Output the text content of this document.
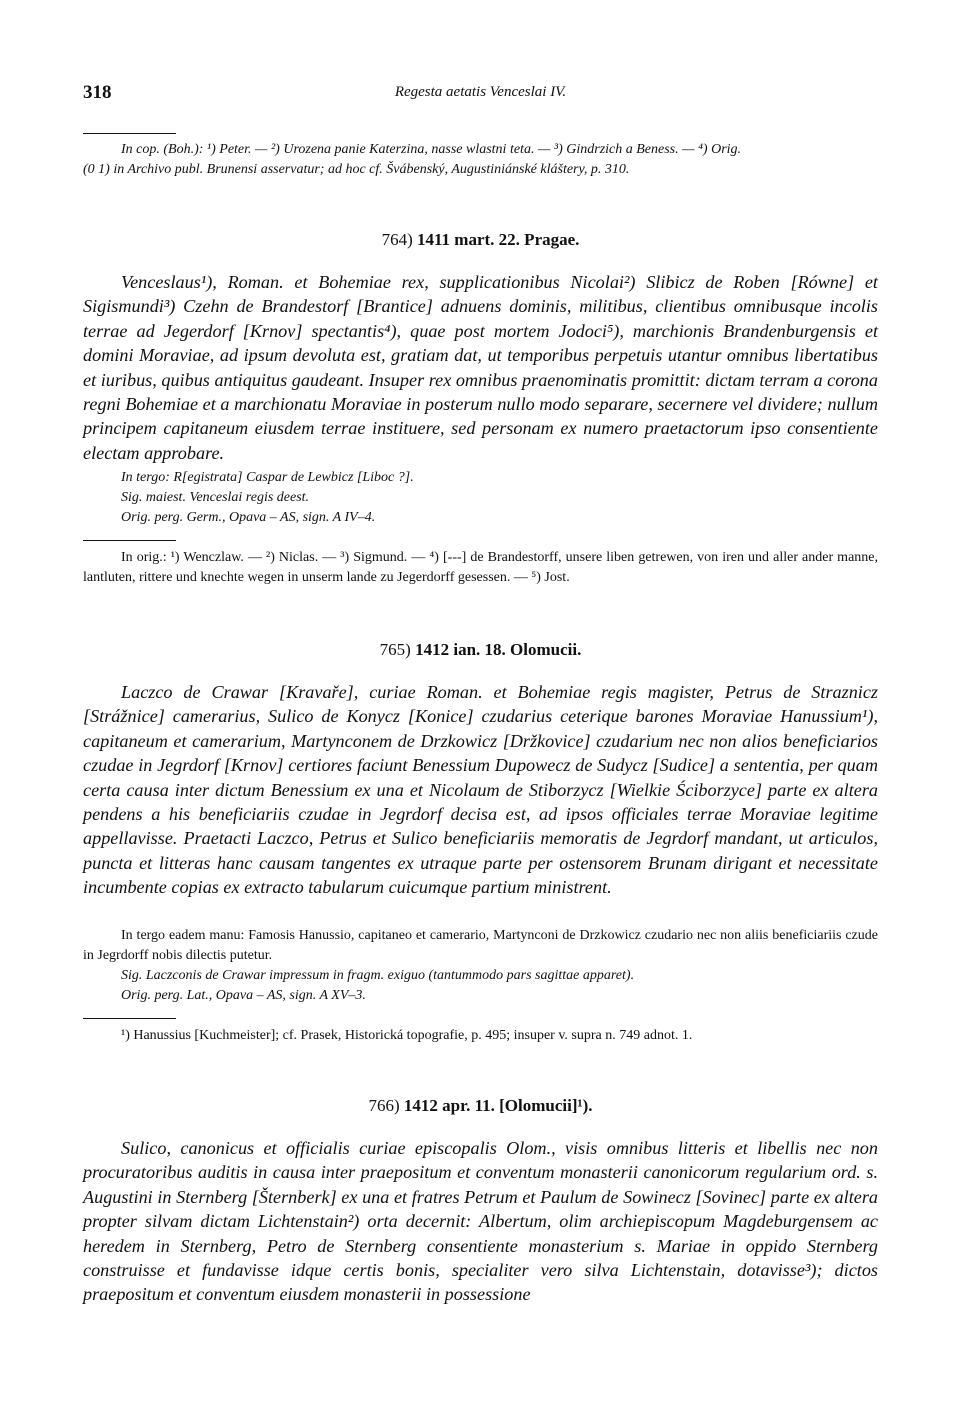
318	Regesta aetatis Venceslai IV.
In cop. (Boh.): ¹) Peter. — ²) Urozena panie Katerzina, nasse wlastni teta. — ³) Gindrzich a Beness. — ⁴) Orig.
(0 1) in Archivo publ. Brunensi asservatur; ad hoc cf. Švábenský, Augustiniánské kláštery, p. 310.
764) 1411 mart. 22. Pragae.
Venceslaus¹), Roman. et Bohemiae rex, supplicationibus Nicolai²) Slibicz de Roben [Równe] et Sigismundi³) Czehn de Brandestorf [Brantice] adnuens dominis, militibus, clientibus omnibusque incolis terrae ad Jegerdorf [Krnov] spectantis⁴), quae post mortem Jodoci⁵), marchionis Brandenburgensis et domini Moraviae, ad ipsum devoluta est, gratiam dat, ut temporibus perpetuis utantur omnibus libertatibus et iuribus, quibus antiquitus gaudeant. Insuper rex omnibus praenominatis promittit: dictam terram a corona regni Bohemiae et a marchionatu Moraviae in posterum nullo modo separare, secernere vel dividere; nullum principem capitaneum eiusdem terrae instituere, sed personam ex numero praetactorum ipso consentiente electam approbare.
In tergo: R[egistrata] Caspar de Lewbicz [Liboc ?].
Sig. maiest. Venceslai regis deest.
Orig. perg. Germ., Opava – AS, sign. A IV–4.
In orig.: ¹) Wenczlaw. — ²) Niclas. — ³) Sigmund. — ⁴) [---] de Brandestorff, unsere liben getrewen, von iren und aller ander manne, lantluten, rittere und knechte wegen in unserm lande zu Jegerdorff gesessen. — ⁵) Jost.
765) 1412 ian. 18. Olomucii.
Laczco de Crawar [Kravaře], curiae Roman. et Bohemiae regis magister, Petrus de Straznicz [Strážnice] camerarius, Sulico de Konycz [Konice] czudarius ceterique barones Moraviae Hanussium¹), capitaneum et camerarium, Martynconem de Drzkowicz [Držkovice] czudarium nec non alios beneficiarios czudae in Jegrdorf [Krnov] certiores faciunt Benessium Dupowecz de Sudycz [Sudice] a sententia, per quam certa causa inter dictum Benessium ex una et Nicolaum de Stiborzycz [Wielkie Ściborzyce] parte ex altera pendens a his beneficiariis czudae in Jegrdorf decisa est, ad ipsos officiales terrae Moraviae legitime appellavisse. Praetacti Laczco, Petrus et Sulico beneficiariis memoratis de Jegrdorf mandant, ut articulos, puncta et litteras hanc causam tangentes ex utraque parte per ostensorem Brunam dirigant et necessitate incumbente copias ex extracto tabularum cuicumque partium ministrent.
In tergo eadem manu: Famosis Hanussio, capitaneo et camerario, Martynconi de Drzkowicz czudario nec non aliis beneficiariis czude in Jegrdorff nobis dilectis putetur.
Sig. Laczconis de Crawar impressum in fragm. exiguo (tantummodo pars sagittae apparet).
Orig. perg. Lat., Opava – AS, sign. A XV–3.
¹) Hanussius [Kuchmeister]; cf. Prasek, Historická topografie, p. 495; insuper v. supra n. 749 adnot. 1.
766) 1412 apr. 11. [Olomucii]¹).
Sulico, canonicus et officialis curiae episcopalis Olom., visis omnibus litteris et libellis nec non procuratoribus auditis in causa inter praepositum et conventum monasterii canonicorum regularium ord. s. Augustini in Sternberg [Šternberk] ex una et fratres Petrum et Paulum de Sowinecz [Sovinec] parte ex altera propter silvam dictam Lichtenstain²) orta decernit: Albertum, olim archiepiscopum Magdeburgensem ac heredem in Sternberg, Petro de Sternberg consentiente monasterium s. Mariae in oppido Sternberg construisse et fundavisse idque certis bonis, specialiter vero silva Lichtenstain, dotavisse³); dictos praepositum et conventum eiusdem monasterii in possessione
